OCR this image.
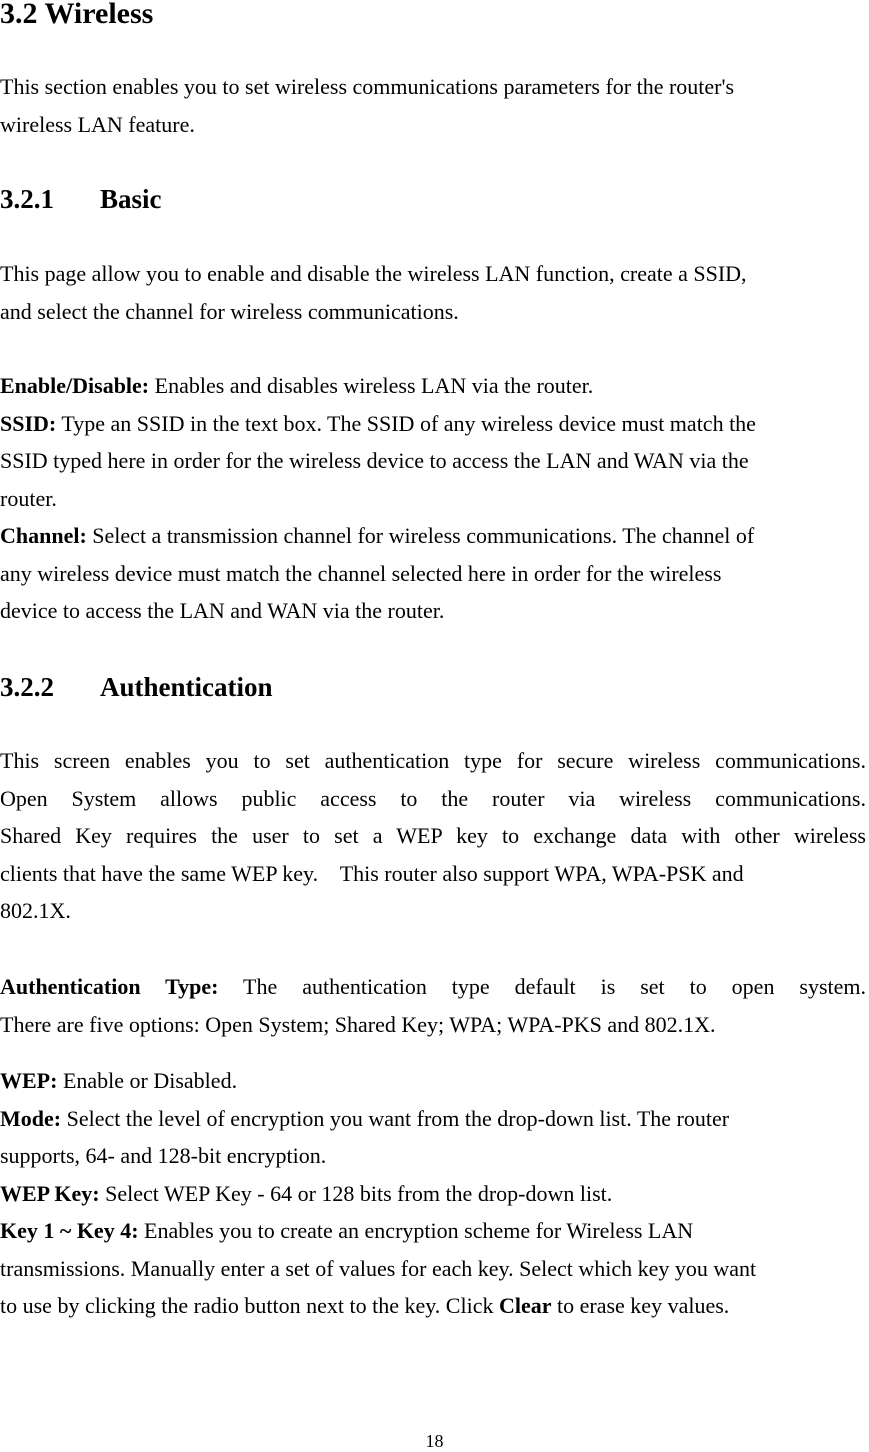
3.2 Wireless

This section enables you to set wireless communications parameters for the router's
wireless LAN feature.

3.2.1 Basic

This page allow you to enable and disable the wireless LAN function, create a SSID,
and select the channel for wireless communications.

Enable/Disable: Enables and disables wireless LAN via the router.
SSID: Type an SSID in the text box. The SSID of any wireless device must match the
SSID typed here in order for the wireless device to access the LAN and WAN via the
router.
Channel: Select a transmission channel for wireless communications. The channel of
any wireless device must match the channel selected here in order for the wireless
device to access the LAN and WAN via the router.
3.2.2 Authentication
This screen enables you to set authentication type for secure wireless communications.
Open System allows public access to the router via wireless communications.
Shared Key requires the user to set a WEP key to exchange data with other wireless
clients that have the same WEP key.    This router also support WPA, WPA-PSK and
802.1X.
Authentication Type: The authentication type default is set to open system.
There are five options: Open System; Shared Key; WPA; WPA-PKS and 802.1X.
WEP: Enable or Disabled.
Mode: Select the level of encryption you want from the drop-down list. The router
supports, 64- and 128-bit encryption.
WEP Key: Select WEP Key - 64 or 128 bits from the drop-down list.
Key 1 ~ Key 4: Enables you to create an encryption scheme for Wireless LAN
transmissions. Manually enter a set of values for each key. Select which key you want
to use by clicking the radio button next to the key. Click Clear to erase key values.
18
